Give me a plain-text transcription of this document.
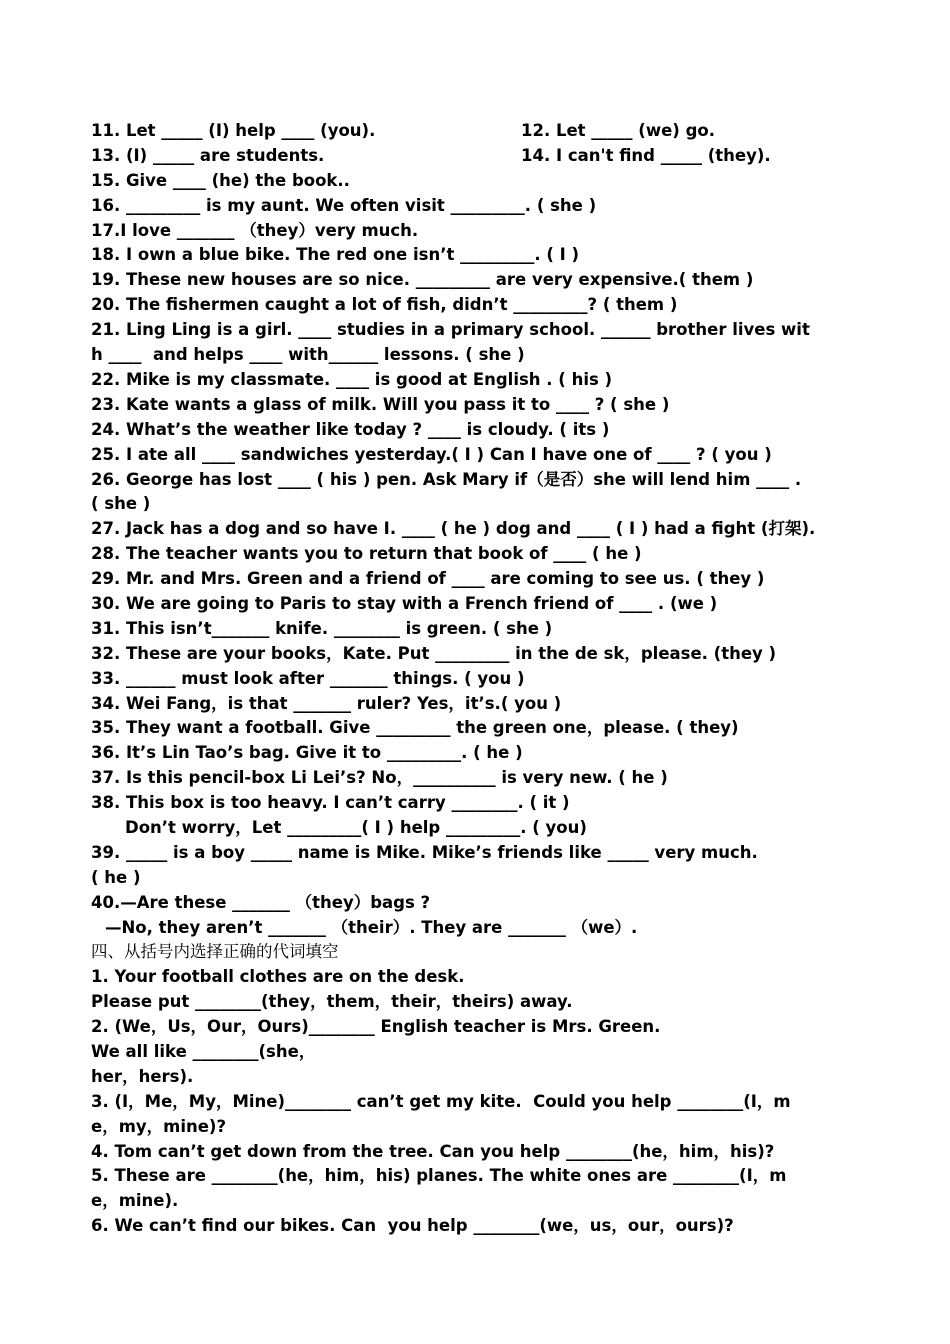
11. Let _____ (I) help ____ (you).	12. Let _____ (we) go.
13. (I) _____ are students.	14. I can't find _____ (they).
15. Give ____ (he) the book..
16. _________ is my aunt. We often visit _________. ( she )
17.I love _______ （they）very much.
18. I own a blue bike. The red one isn’t _________. ( I )
19. These new houses are so nice. _________ are very expensive.( them )
20. The fishermen caught a lot of fish, didn’t _________? ( them )
21. Ling Ling is a girl. ____ studies in a primary school. ______ brother lives wit
h ____  and helps ____ with______ lessons. ( she )
22. Mike is my classmate. ____ is good at English . ( his )
23. Kate wants a glass of milk. Will you pass it to ____ ? ( she )
24. What’s the weather like today ? ____ is cloudy. ( its )
25. I ate all ____ sandwiches yesterday.( I ) Can I have one of ____ ? ( you )
26. George has lost ____ ( his ) pen. Ask Mary if（是否）she will lend him ____ .
( she )
27. Jack has a dog and so have I. ____ ( he ) dog and ____ ( I ) had a fight (打架).
28. The teacher wants you to return that book of ____ ( he )
29. Mr. and Mrs. Green and a friend of ____ are coming to see us. ( they )
30. We are going to Paris to stay with a French friend of ____ . (we )
31. This isn’t_______ knife. ________ is green. ( she )
32. These are your books，Kate. Put _________ in the de sk，please. (they )
33. ______ must look after _______ things. ( you )
34. Wei Fang，is that _______ ruler? Yes，it’s.( you )
35. They want a football. Give _________ the green one，please. ( they)
36. It’s Lin Tao’s bag. Give it to _________. ( he )
37. Is this pencil-box Li Lei’s? No，__________ is very new. ( he )
38. This box is too heavy. I can’t carry ________. ( it )
Don’t worry，Let _________( I ) help _________. ( you)
39. _____ is a boy _____ name is Mike. Mike’s friends like _____ very much.
( he )
40.—Are these _______ （they）bags ?
—No, they aren’t _______ （their）. They are _______ （we）.
四、从括号内选择正确的代词填空
1. Your football clothes are on the desk.
Please put ________(they，them，their，theirs) away.
2. (We，Us，Our，Ours)________ English teacher is Mrs. Green.
We all like ________(she，
her，hers).
3. (I，Me，My，Mine)________ can’t get my kite.  Could you help ________(I，m
e，my，mine)?
4. Tom can’t get down from the tree. Can you help ________(he，him，his)?
5. These are ________(he，him，his) planes. The white ones are ________(I，m
e，mine).
6. We can’t find our bikes. Can  you help ________(we，us，our，ours)?
